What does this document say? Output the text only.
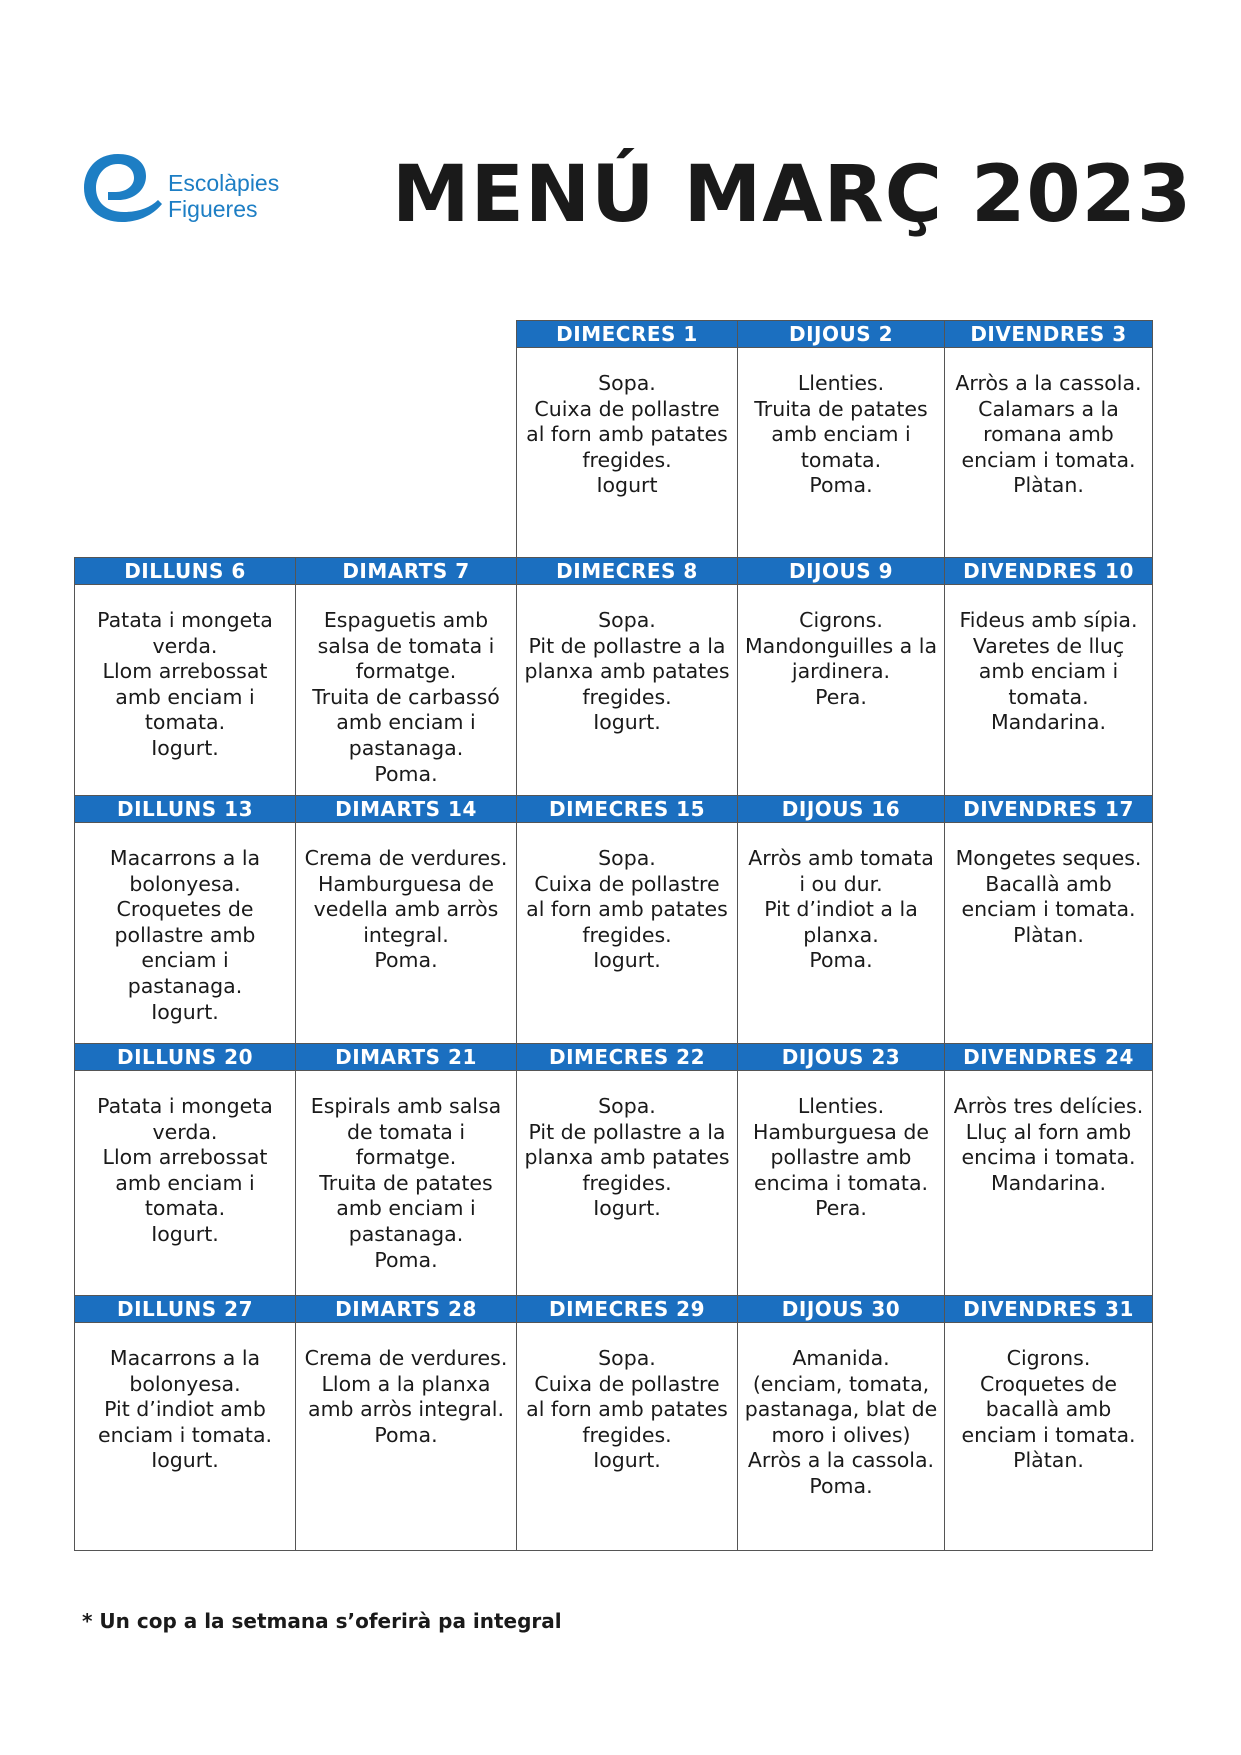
Escolàpies
Figueres MENÚ MARÇ 2023
DIMECRES 1
Sopa.
Cuixa de pollastre al forn amb patates fregides.
Iogurt
DIJOUS 2
Llenties.
Truita de patates amb enciam i tomata.
Poma.
DIVENDRES 3
Arròs a la cassola.
Calamars a la romana amb enciam i tomata.
Plàtan.
DILLUNS 6
Patata i mongeta verda.
Llom arrebossat amb enciam i tomata.
Iogurt.
DIMARTS 7
Espaguetis amb salsa de tomata i formatge.
Truita de carbassó amb enciam i pastanaga.
Poma.
DIMECRES 8
Sopa.
Pit de pollastre a la planxa amb patates fregides.
Iogurt.
DIJOUS 9
Cigrons.
Mandonguilles a la jardinera.
Pera.
DIVENDRES 10
Fideus amb sípia.
Varetes de lluç amb enciam i tomata.
Mandarina.
DILLUNS 13
Macarrons a la bolonyesa.
Croquetes de pollastre amb enciam i pastanaga.
Iogurt.
DIMARTS 14
Crema de verdures.
Hamburguesa de vedella amb arròs integral.
Poma.
DIMECRES 15
Sopa.
Cuixa de pollastre al forn amb patates fregides.
Iogurt.
DIJOUS 16
Arròs amb tomata i ou dur.
Pit d’indiot a la planxa.
Poma.
DIVENDRES 17
Mongetes seques.
Bacallà amb enciam i tomata.
Plàtan.
DILLUNS 20
Patata i mongeta verda.
Llom arrebossat amb enciam i tomata.
Iogurt.
DIMARTS 21
Espirals amb salsa de tomata i formatge.
Truita de patates amb enciam i pastanaga.
Poma.
DIMECRES 22
Sopa.
Pit de pollastre a la planxa amb patates fregides.
Iogurt.
DIJOUS 23
Llenties.
Hamburguesa de pollastre amb encima i tomata.
Pera.
DIVENDRES 24
Arròs tres delícies.
Lluç al forn amb encima i tomata.
Mandarina.
DILLUNS 27
Macarrons a la bolonyesa.
Pit d’indiot amb enciam i tomata.
Iogurt.
DIMARTS 28
Crema de verdures.
Llom a la planxa amb arròs integral.
Poma.
DIMECRES 29
Sopa.
Cuixa de pollastre al forn amb patates fregides.
Iogurt.
DIJOUS 30
Amanida.
(enciam, tomata, pastanaga, blat de moro i olives)
Arròs a la cassola.
Poma.
DIVENDRES 31
Cigrons.
Croquetes de bacallà amb enciam i tomata.
Plàtan.
* Un cop a la setmana s’oferirà pa integral
